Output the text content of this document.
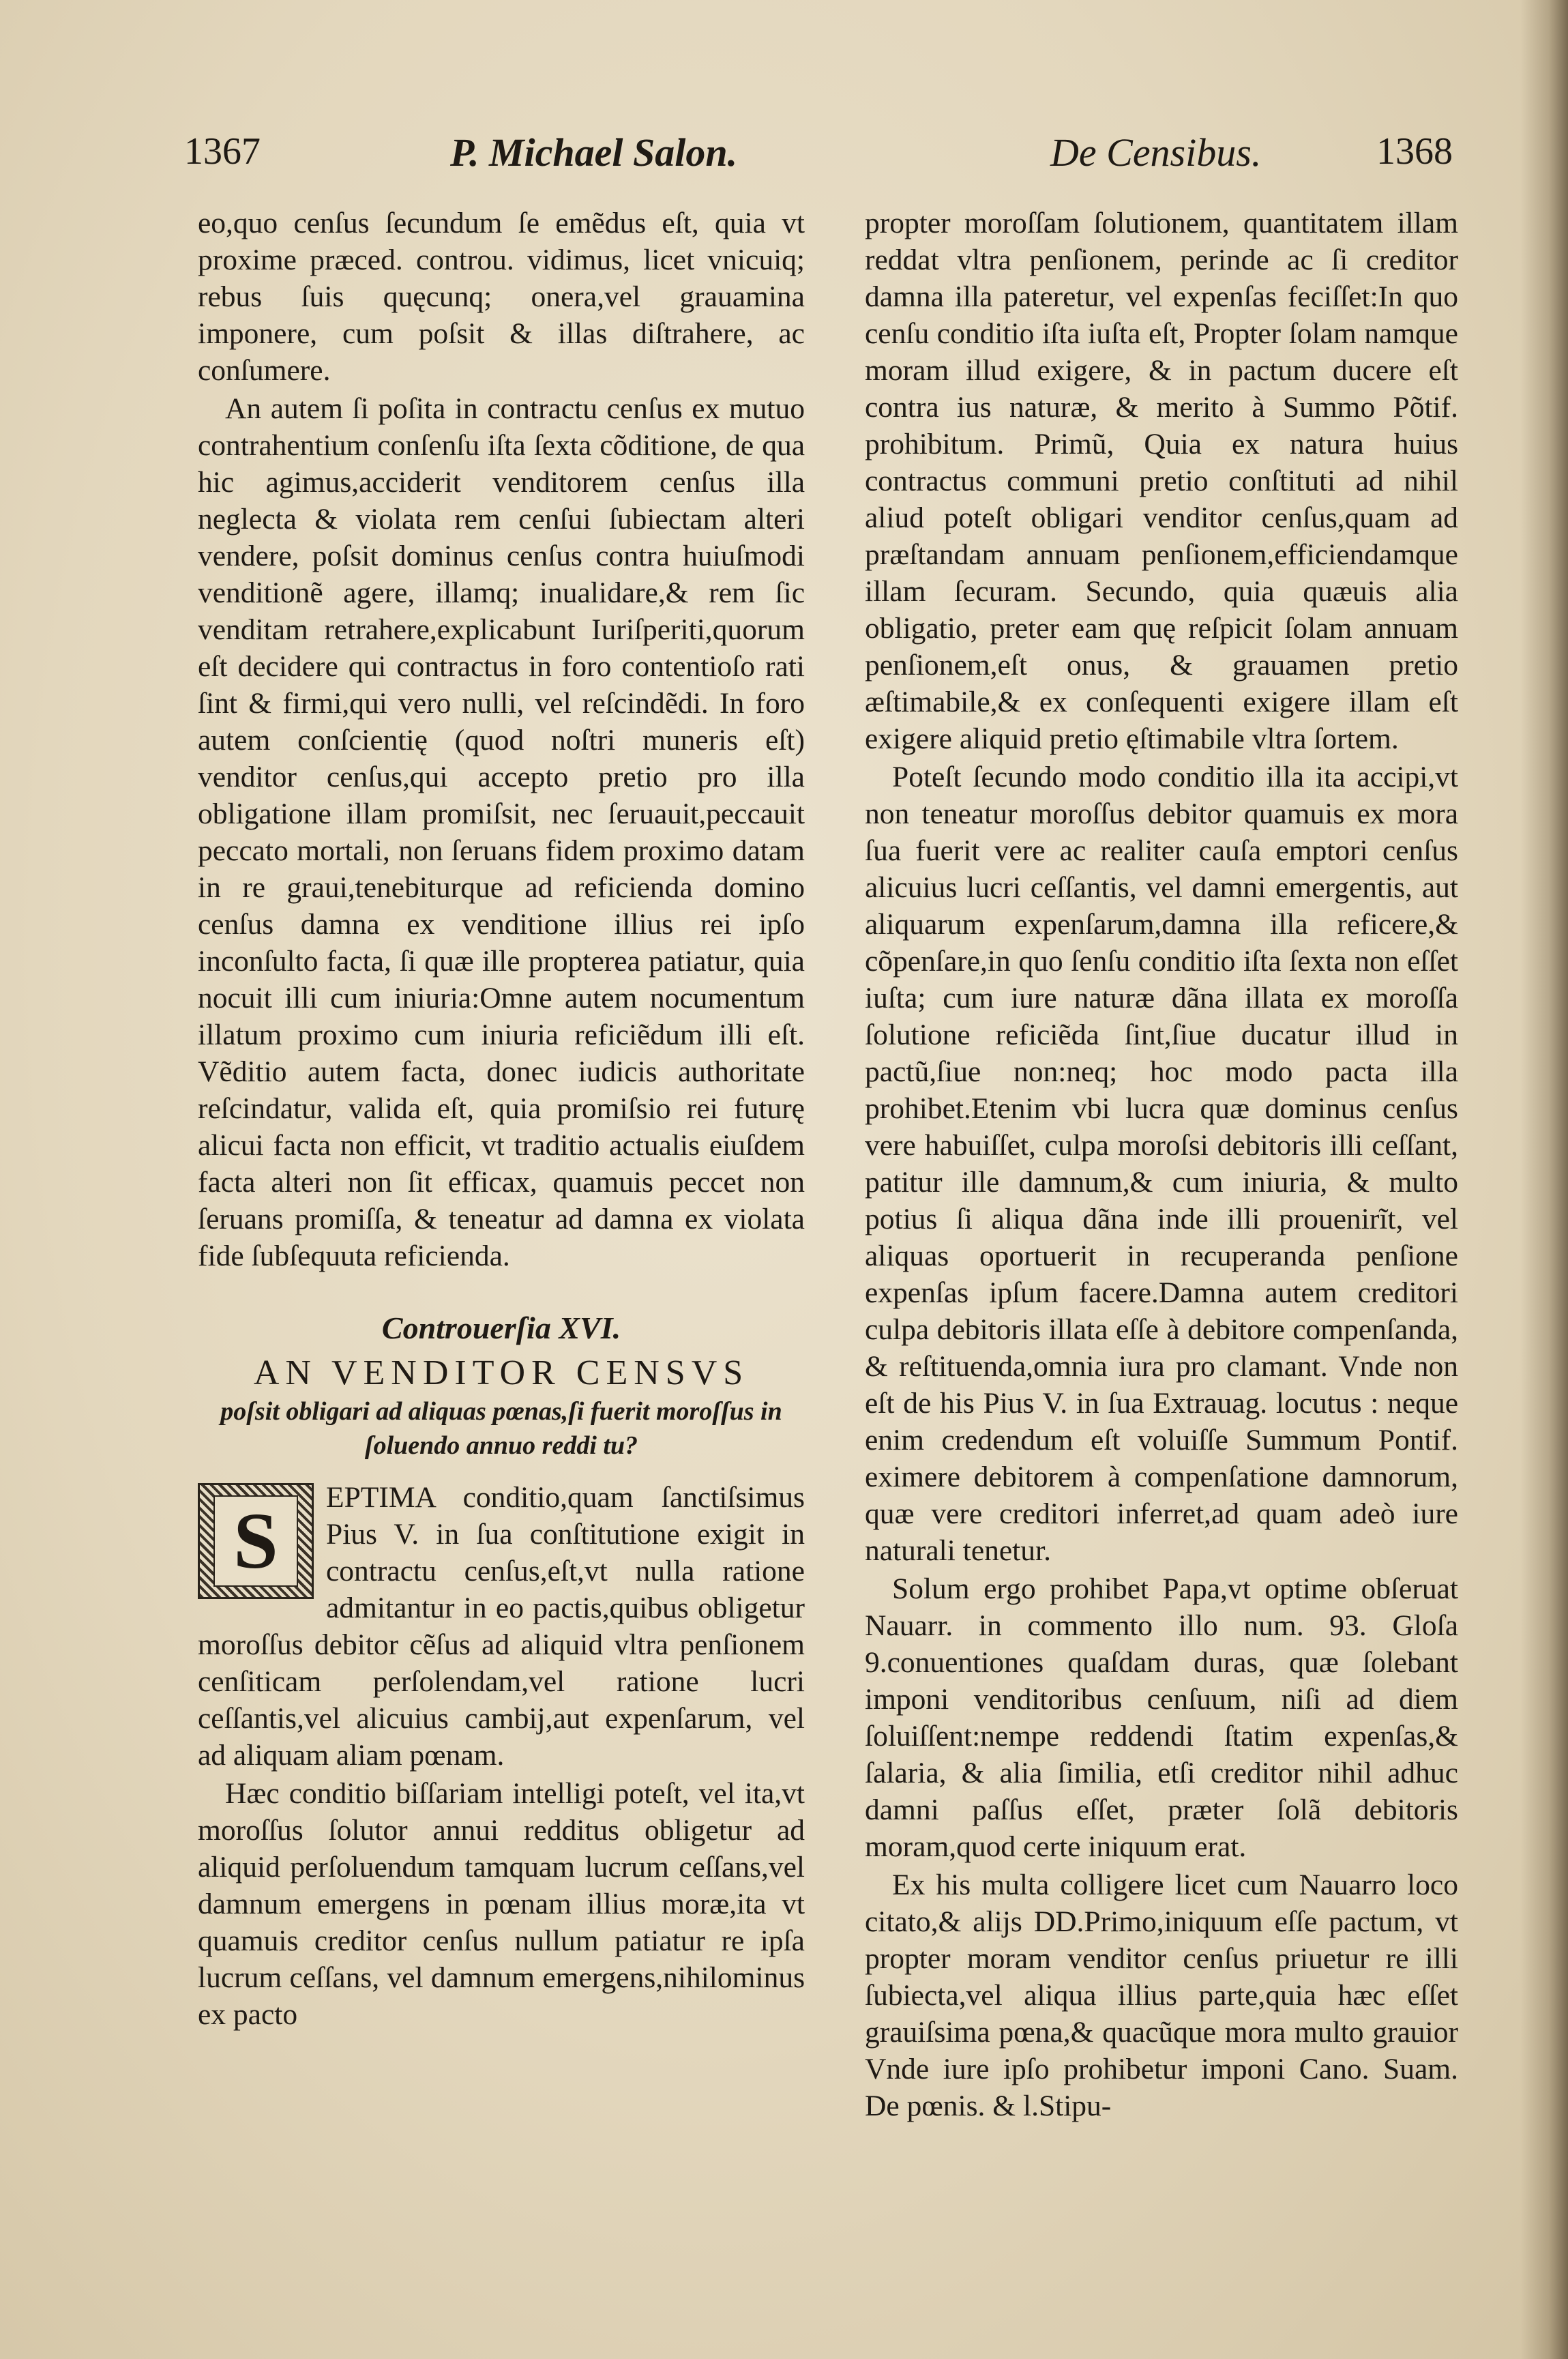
1367	P. Michael Salon.	De Censibus.	1368

eo,quo cenſus ſecundum ſe emẽdus eſt, quia vt proxime præced. controu. vidimus, licet vnicuiq; rebus ſuis quęcunq; onera,vel grauamina imponere, cum poſsit & illas diſtrahere, ac conſumere.

An autem ſi poſita in contractu cenſus ex mutuo contrahentium conſenſu iſta ſexta cõditione, de qua hic agimus,acciderit venditorem cenſus illa neglecta & violata rem cenſui ſubiectam alteri vendere, poſsit dominus cenſus contra huiuſmodi venditionẽ agere, illamq; inualidare,& rem ſic venditam retrahere,explicabunt Iuriſperiti,quorum eſt decidere qui contractus in foro contentioſo rati ſint & firmi,qui vero nulli, vel reſcindẽdi. In foro autem conſcientię (quod noſtri muneris eſt) venditor cenſus,qui accepto pretio pro illa obligatione illam promiſsit, nec ſeruauit,peccauit peccato mortali, non ſeruans fidem proximo datam in re graui,tenebiturque ad reficienda domino cenſus damna ex venditione illius rei ipſo inconſulto facta, ſi quæ ille propterea patiatur, quia nocuit illi cum iniuria:Omne autem nocumentum illatum proximo cum iniuria reficiẽdum illi eſt. Vẽditio autem facta, donec iudicis authoritate reſcindatur, valida eſt, quia promiſsio rei futurę alicui facta non efficit, vt traditio actualis eiuſdem facta alteri non ſit efficax, quamuis peccet non ſeruans promiſſa, & teneatur ad damna ex violata fide ſubſequuta reficienda.

Controuerſia XVI.

AN VENDITOR CENSVS

poſsit obligari ad aliquas pœnas,ſi fuerit moroſſus in ſoluendo annuo reddi tu?

S	EPTIMA conditio,quam ſanctiſsimus Pius V. in ſua conſtitutione exigit in contractu cenſus,eſt,vt nulla ratione admitantur in eo pactis,quibus obligetur moroſſus debitor cẽſus ad aliquid vltra penſionem cenſiticam perſolendam,vel ratione lucri ceſſantis,vel alicuius cambij,aut expenſarum, vel ad aliquam aliam pœnam.

Hæc conditio biſſariam intelligi poteſt, vel ita,vt moroſſus ſolutor annui redditus obligetur ad aliquid perſoluendum tamquam lucrum ceſſans,vel damnum emergens in pœnam illius moræ,ita vt quamuis creditor cenſus nullum patiatur re ipſa lucrum ceſſans, vel damnum emergens,nihilominus ex pacto

propter moroſſam ſolutionem, quantitatem illam reddat vltra penſionem, perinde ac ſi creditor damna illa pateretur, vel expenſas feciſſet:In quo cenſu conditio iſta iuſta eſt, Propter ſolam namque moram illud exigere, & in pactum ducere eſt contra ius naturæ, & merito à Summo Põtif. prohibitum. Primũ, Quia ex natura huius contractus communi pretio conſtituti ad nihil aliud poteſt obligari venditor cenſus,quam ad præſtandam annuam penſionem,efficiendamque illam ſecuram. Secundo, quia quæuis alia obligatio, preter eam quę reſpicit ſolam annuam penſionem,eſt onus, & grauamen pretio æſtimabile,& ex conſequenti exigere illam eſt exigere aliquid pretio ęſtimabile vltra ſortem.

Poteſt ſecundo modo conditio illa ita accipi,vt non teneatur moroſſus debitor quamuis ex mora ſua fuerit vere ac realiter cauſa emptori cenſus alicuius lucri ceſſantis, vel damni emergentis, aut aliquarum expenſarum,damna illa reficere,& cõpenſare,in quo ſenſu conditio iſta ſexta non eſſet iuſta; cum iure naturæ dãna illata ex moroſſa ſolutione reficiẽda ſint,ſiue ducatur illud in pactũ,ſiue non:neq; hoc modo pacta illa prohibet.Etenim vbi lucra quæ dominus cenſus vere habuiſſet, culpa moroſsi debitoris illi ceſſant, patitur ille damnum,& cum iniuria, & multo potius ſi aliqua dãna inde illi prouenirĩt, vel aliquas oportuerit in recuperanda penſione expenſas ipſum facere.Damna autem creditori culpa debitoris illata eſſe à debitore compenſanda, & reſtituenda,omnia iura pro clamant. Vnde non eſt de his Pius V. in ſua Extrauag. locutus : neque enim credendum eſt voluiſſe Summum Pontif. eximere debitorem à compenſatione damnorum, quæ vere creditori inferret,ad quam adeò iure naturali tenetur.

Solum ergo prohibet Papa,vt optime obſeruat Nauarr. in commento illo num. 93. Gloſa 9.conuentiones quaſdam duras, quæ ſolebant imponi venditoribus cenſuum, niſi ad diem ſoluiſſent:nempe reddendi ſtatim expenſas,& ſalaria, & alia ſimilia, etſi creditor nihil adhuc damni paſſus eſſet, præter ſolã debitoris moram,quod certe iniquum erat.

Ex his multa colligere licet cum Nauarro loco citato,& alijs DD.Primo,iniquum eſſe pactum, vt propter moram venditor cenſus priuetur re illi ſubiecta,vel aliqua illius parte,quia hæc eſſet grauiſsima pœna,& quacũque mora multo grauior Vnde iure ipſo prohibetur imponi Cano. Suam. De pœnis. & l.Stipu-
